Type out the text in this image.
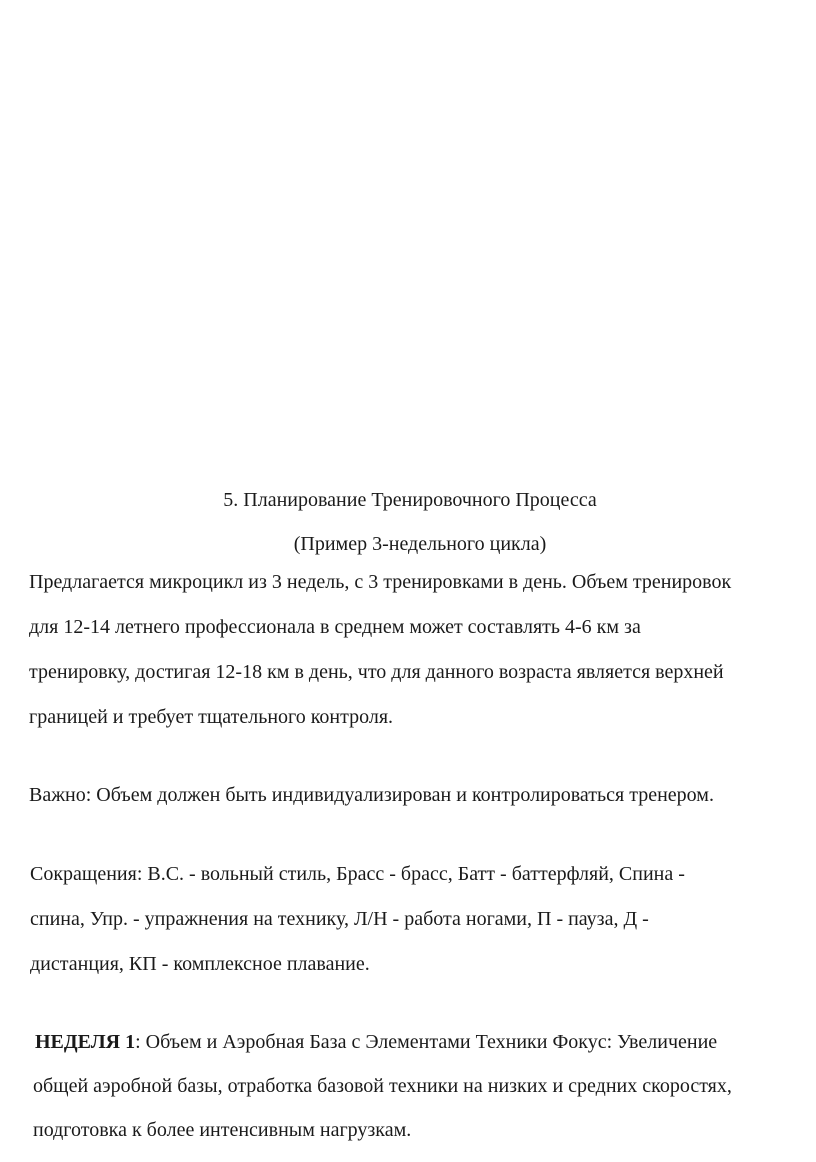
5. Планирование Тренировочного Процесса
(Пример 3-недельного цикла)
Предлагается микроцикл из 3 недель, с 3 тренировками в день. Объем тренировок
для 12-14 летнего профессионала в среднем может составлять 4-6 км за
тренировку, достигая 12-18 км в день, что для данного возраста является верхней
границей и требует тщательного контроля.
Важно: Объем должен быть индивидуализирован и контролироваться тренером.
Сокращения: В.С. - вольный стиль, Брасс - брасс, Батт - баттерфляй, Спина -
спина, Упр. - упражнения на технику, Л/Н - работа ногами, П - пауза, Д -
дистанция, КП - комплексное плавание.
НЕДЕЛЯ 1: Объем и Аэробная База с Элементами Техники Фокус: Увеличение
общей аэробной базы, отработка базовой техники на низких и средних скоростях,
подготовка к более интенсивным нагрузкам.
